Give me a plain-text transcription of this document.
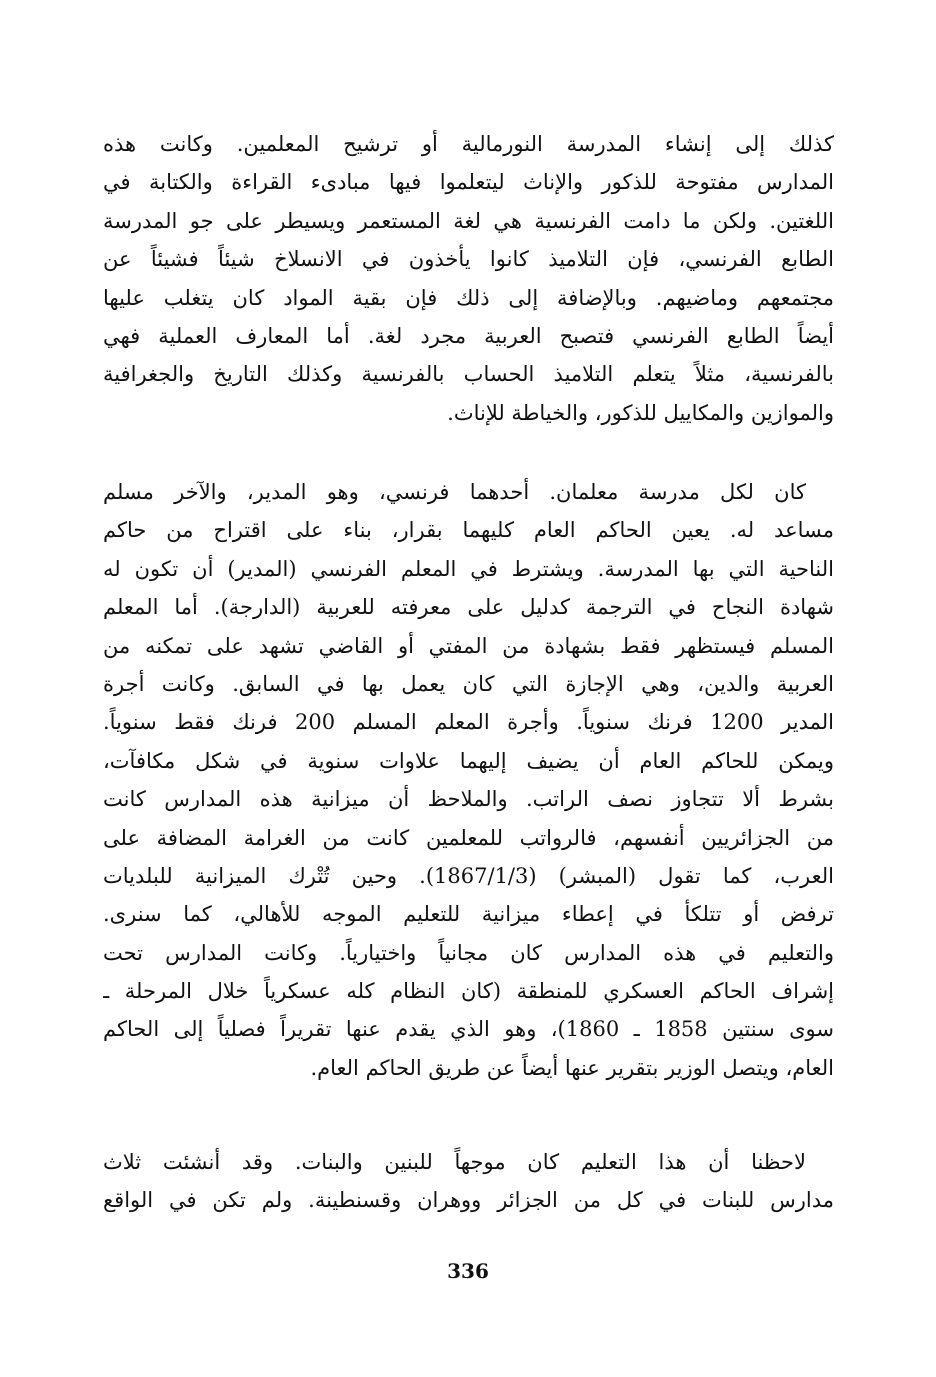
كذلك إلى إنشاء المدرسة النورمالية أو ترشيح المعلمين. وكانت هذه
المدارس مفتوحة للذكور والإناث ليتعلموا فيها مبادىء القراءة والكتابة في
اللغتين. ولكن ما دامت الفرنسية هي لغة المستعمر ويسيطر على جو المدرسة
الطابع الفرنسي، فإن التلاميذ كانوا يأخذون في الانسلاخ شيئاً فشيئاً عن
مجتمعهم وماضيهم. وبالإضافة إلى ذلك فإن بقية المواد كان يتغلب عليها
أيضاً الطابع الفرنسي فتصبح العربية مجرد لغة. أما المعارف العملية فهي
بالفرنسية، مثلاً يتعلم التلاميذ الحساب بالفرنسية وكذلك التاريخ والجغرافية
والموازين والمكاييل للذكور، والخياطة للإناث.
كان لكل مدرسة معلمان. أحدهما فرنسي، وهو المدير، والآخر مسلم
مساعد له. يعين الحاكم العام كليهما بقرار، بناء على اقتراح من حاكم
الناحية التي بها المدرسة. ويشترط في المعلم الفرنسي (المدير) أن تكون له
شهادة النجاح في الترجمة كدليل على معرفته للعربية (الدارجة). أما المعلم
المسلم فيستظهر فقط بشهادة من المفتي أو القاضي تشهد على تمكنه من
العربية والدين، وهي الإجازة التي كان يعمل بها في السابق. وكانت أجرة
المدير 1200 فرنك سنوياً. وأجرة المعلم المسلم 200 فرنك فقط سنوياً.
ويمكن للحاكم العام أن يضيف إليهما علاوات سنوية في شكل مكافآت،
بشرط ألا تتجاوز نصف الراتب. والملاحظ أن ميزانية هذه المدارس كانت
من الجزائريين أنفسهم، فالرواتب للمعلمين كانت من الغرامة المضافة على
العرب، كما تقول (المبشر) (1867/1/3). وحين تُتْرك الميزانية للبلديات
ترفض أو تتلكأ في إعطاء ميزانية للتعليم الموجه للأهالي، كما سنرى.
والتعليم في هذه المدارس كان مجانياً واختيارياً. وكانت المدارس تحت
إشراف الحاكم العسكري للمنطقة (كان النظام كله عسكرياً خلال المرحلة ـ
سوى سنتين 1858 ـ 1860)، وهو الذي يقدم عنها تقريراً فصلياً إلى الحاكم
العام، ويتصل الوزير بتقرير عنها أيضاً عن طريق الحاكم العام.
لاحظنا أن هذا التعليم كان موجهاً للبنين والبنات. وقد أنشئت ثلاث
مدارس للبنات في كل من الجزائر ووهران وقسنطينة. ولم تكن في الواقع
336
